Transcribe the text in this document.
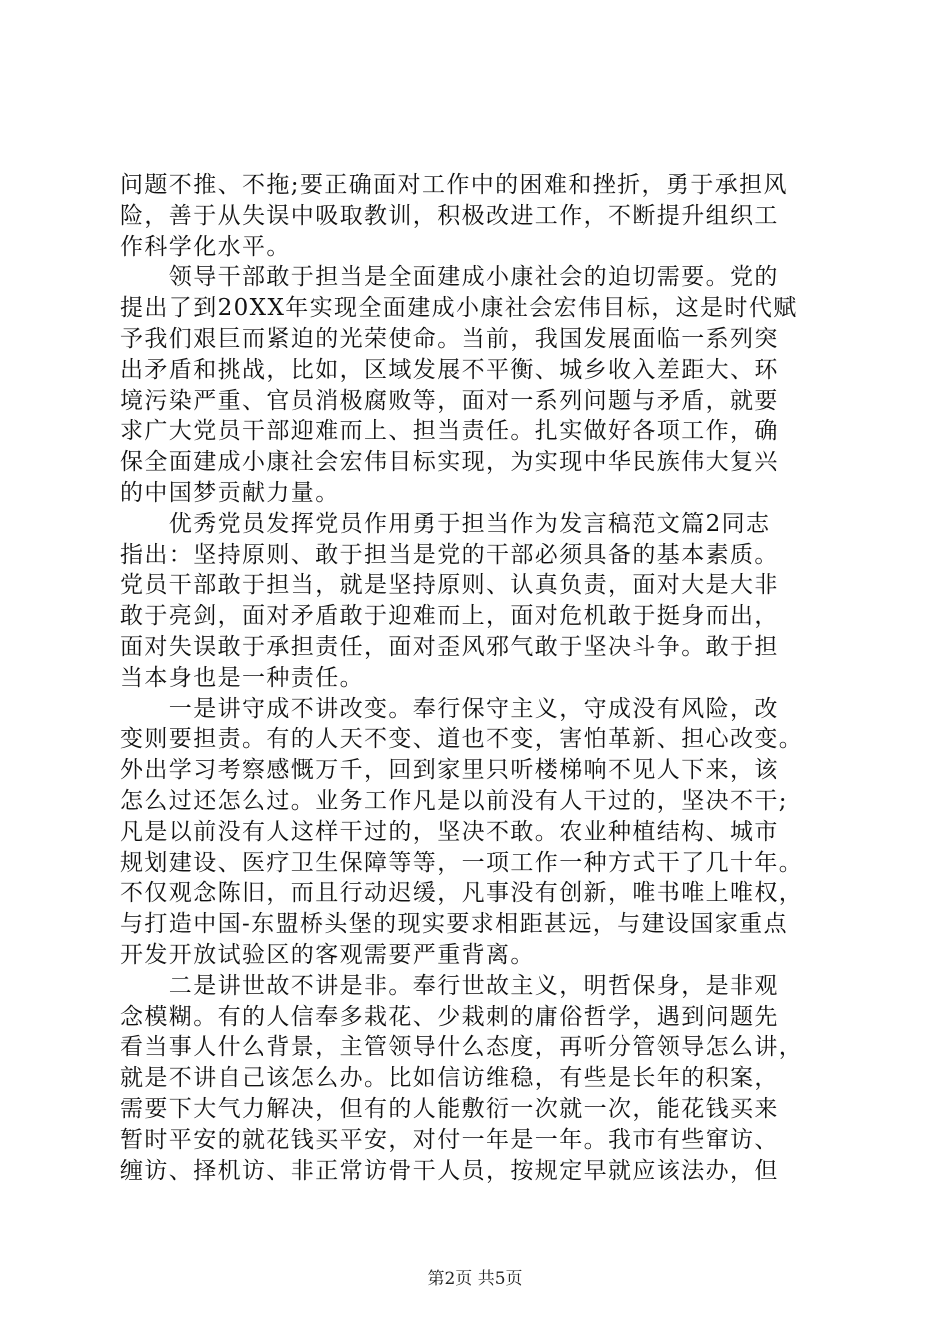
问题不推、不拖;要正确面对工作中的困难和挫折，勇于承担风
险，善于从失误中吸取教训，积极改进工作，不断提升组织工
作科学化水平。

　　领导干部敢于担当是全面建成小康社会的迫切需要。党的
提出了到20XX年实现全面建成小康社会宏伟目标，这是时代赋
予我们艰巨而紧迫的光荣使命。当前，我国发展面临一系列突
出矛盾和挑战，比如，区域发展不平衡、城乡收入差距大、环
境污染严重、官员消极腐败等，面对一系列问题与矛盾，就要
求广大党员干部迎难而上、担当责任。扎实做好各项工作，确
保全面建成小康社会宏伟目标实现，为实现中华民族伟大复兴
的中国梦贡献力量。

　　优秀党员发挥党员作用勇于担当作为发言稿范文篇2同志
指出：坚持原则、敢于担当是党的干部必须具备的基本素质。
党员干部敢于担当，就是坚持原则、认真负责，面对大是大非
敢于亮剑，面对矛盾敢于迎难而上，面对危机敢于挺身而出，
面对失误敢于承担责任，面对歪风邪气敢于坚决斗争。敢于担
当本身也是一种责任。

　　一是讲守成不讲改变。奉行保守主义，守成没有风险，改
变则要担责。有的人天不变、道也不变，害怕革新、担心改变。
外出学习考察感慨万千，回到家里只听楼梯响不见人下来，该
怎么过还怎么过。业务工作凡是以前没有人干过的，坚决不干;
凡是以前没有人这样干过的，坚决不敢。农业种植结构、城市
规划建设、医疗卫生保障等等，一项工作一种方式干了几十年。
不仅观念陈旧，而且行动迟缓，凡事没有创新，唯书唯上唯权，
与打造中国-东盟桥头堡的现实要求相距甚远，与建设国家重点
开发开放试验区的客观需要严重背离。

　　二是讲世故不讲是非。奉行世故主义，明哲保身，是非观
念模糊。有的人信奉多栽花、少栽刺的庸俗哲学，遇到问题先
看当事人什么背景，主管领导什么态度，再听分管领导怎么讲，
就是不讲自己该怎么办。比如信访维稳，有些是长年的积案，
需要下大气力解决，但有的人能敷衍一次就一次，能花钱买来
暂时平安的就花钱买平安，对付一年是一年。我市有些窜访、
缠访、择机访、非正常访骨干人员，按规定早就应该法办，但

第2页 共5页
